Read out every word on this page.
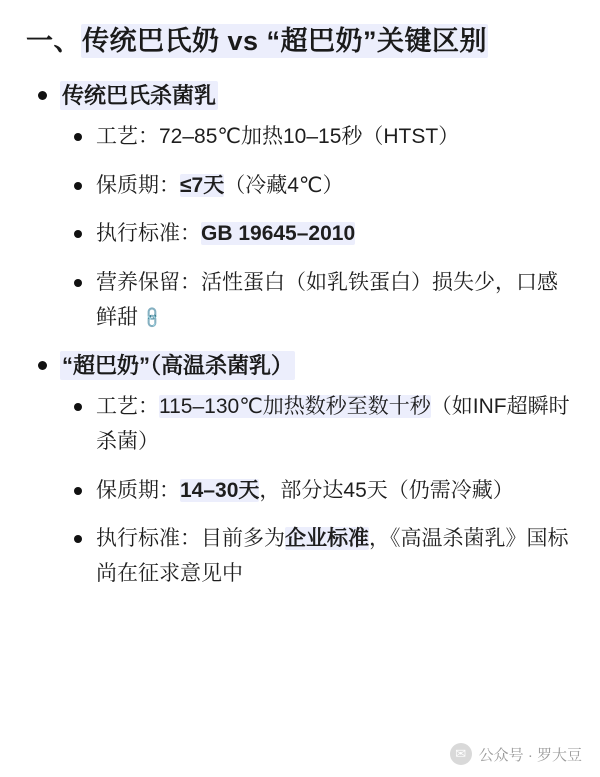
一、传统巴氏奶 vs “超巴奶”关键区别
传统巴氏杀菌乳
工艺：72–85℃加热10–15秒（HTST）
保质期：≤7天（冷藏4℃）
执行标准：GB 19645–2010
营养保留：活性蛋白（如乳铁蛋白）损失少，口感鲜甜 🔗
“超巴奶”（高温杀菌乳）
工艺：115–130℃加热数秒至数十秒（如INF超瞬时杀菌）
保质期：14–30天，部分达45天（仍需冷藏）
执行标准：目前多为企业标准，《高温杀菌乳》国标尚在征求意见中
✉ 公众号 · 罗大豆
